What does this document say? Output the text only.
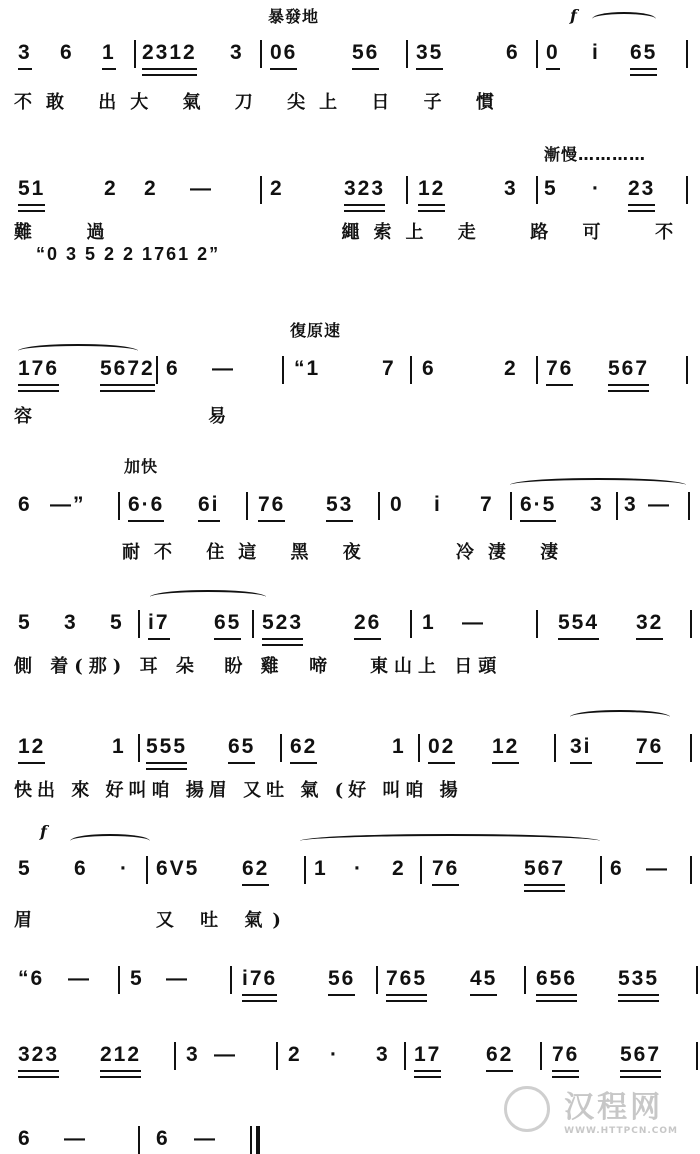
暴發地	f
3 6 1 2312 3 06	56 35	6 0 i 65
不敢 出大 氣 刀 尖上 日 子 慣
漸慢…………
51	2 2 —	2	323 12	3 5 · 23
難  過           繩索上 走  路 可  不
“0 3 5 2 2 1761 2”
復原速
176 5672 6 —	“1	7 6	2 76 567
容        易
加快
6 —” 6·6 6i 76 53 0 i 7 6·5 3 3 —
耐不 住這 黑 夜    冷淒 淒
5 3 5 i7 65 523 26 1 —	554 32
側 着(那) 耳 朵  盼 雞  啼   東山上 日頭
12	1 555 65 62	1 02 12 3i 76
快出 來 好叫咱 揚眉 又吐 氣 (好 叫咱 揚
f
5 6 · 6V5 62 1 · 2 76	567 6 —
眉       又 吐 氣)
“6 — 5 —	i76 56 765 45 656 535
323 212 3 — 2 · 3 17 62 76 567
6 —	6 —
汉程网
WWW.HTTPCN.COM
